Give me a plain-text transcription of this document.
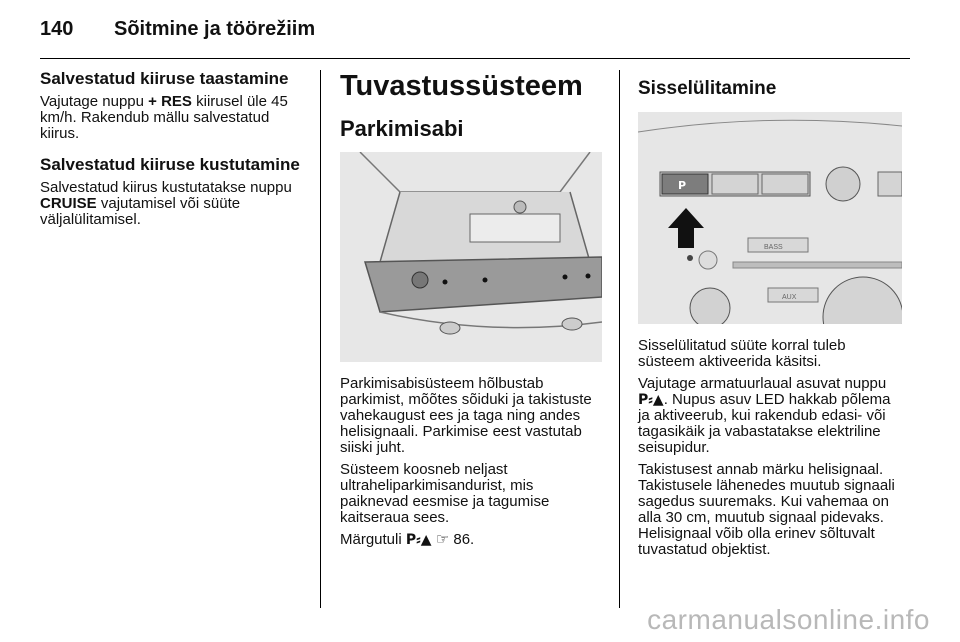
140 Sõitmine ja töörežiim

Salvestatud kiiruse taastamine

Vajutage nuppu + RES kiirusel üle 45 km/h. Rakendub mällu salvestatud kiirus.

Salvestatud kiiruse kustutamine

Salvestatud kiirus kustutatakse nuppu CRUISE vajutamisel või süüte väljalülitamisel.

Tuvastussüsteem

Parkimisabi

Parkimisabisüsteem hõlbustab parkimist, mõõtes sõiduki ja takistuste vahekaugust ees ja taga ning andes helisignaali. Parkimise eest vastutab siiski juht.

Süsteem koosneb neljast ultraheliparkimisandurist, mis paiknevad eesmise ja tagumise kaitseraua sees.

Märgutuli P⸗▲ ☞ 86.

Sisselülitamine

P
BASS
AUX

Sisselülitatud süüte korral tuleb süsteem aktiveerida käsitsi.

Vajutage armatuurlaual asuvat nuppu P⸗▲. Nupus asuv LED hakkab põlema ja aktiveerub, kui rakendub edasi- või tagasikäik ja vabastatakse elektriline seisupidur.

Takistusest annab märku helisignaal. Takistusele lähenedes muutub signaali sagedus suuremaks. Kui vahemaa on alla 30 cm, muutub signaal pidevaks. Helisignaal võib olla erinev sõltuvalt tuvastatud objektist.

carmanualsonline.info
